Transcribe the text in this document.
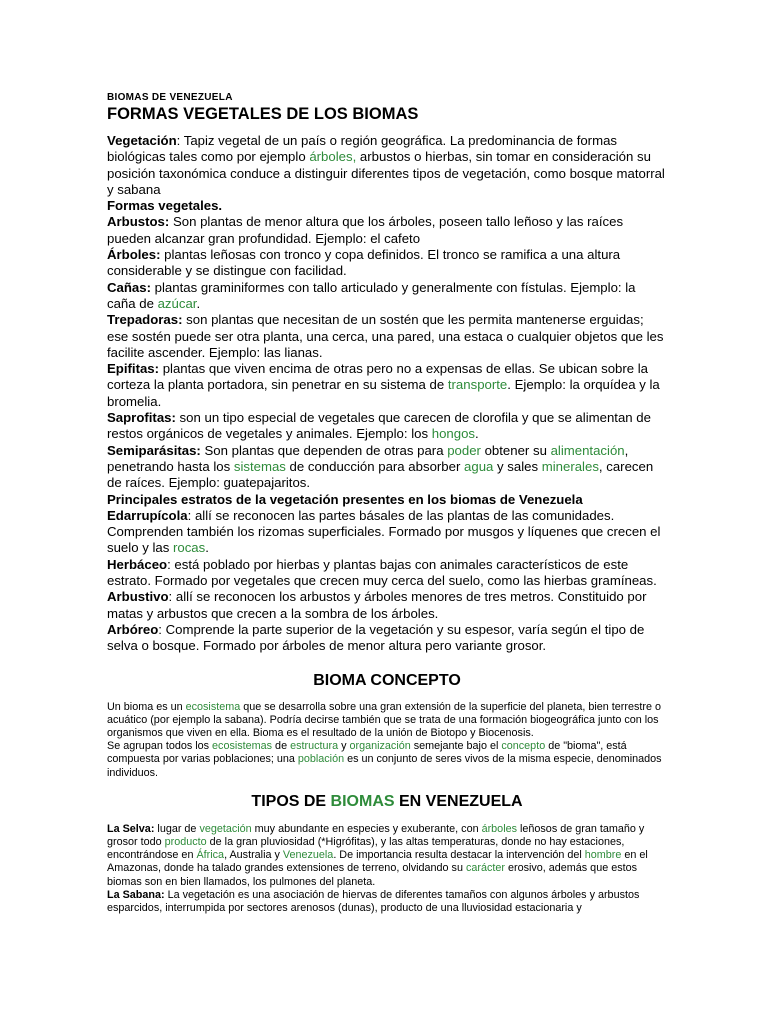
BIOMAS DE VENEZUELA
FORMAS VEGETALES DE LOS BIOMAS

Vegetación: Tapiz vegetal de un país o región geográfica. La predominancia de formas biológicas tales como por ejemplo árboles, arbustos o hierbas, sin tomar en consideración su posición taxonómica conduce a distinguir diferentes tipos de vegetación, como bosque matorral y sabana

Formas vegetales.

Arbustos: Son plantas de menor altura que los árboles, poseen tallo leñoso y las raíces pueden alcanzar gran profundidad. Ejemplo: el cafeto

Árboles: plantas leñosas con tronco y copa definidos. El tronco se ramifica a una altura considerable y se distingue con facilidad.

Cañas: plantas graminiformes con tallo articulado y generalmente con fístulas. Ejemplo: la caña de azúcar.

Trepadoras: son plantas que necesitan de un sostén que les permita mantenerse erguidas; ese sostén puede ser otra planta, una cerca, una pared, una estaca o cualquier objetos que les facilite ascender. Ejemplo: las lianas.

Epifitas: plantas que viven encima de otras pero no a expensas de ellas. Se ubican sobre la corteza la planta portadora, sin penetrar en su sistema de transporte. Ejemplo: la orquídea y la bromelia.

Saprofitas: son un tipo especial de vegetales que carecen de clorofila y que se alimentan de restos orgánicos de vegetales y animales. Ejemplo: los hongos.

Semiparásitas: Son plantas que dependen de otras para poder obtener su alimentación, penetrando hasta los sistemas de conducción para absorber agua y sales minerales, carecen de raíces. Ejemplo: guatepajaritos.

Principales estratos de la vegetación presentes en los biomas de Venezuela

Edarrupícola: allí se reconocen las partes básales de las plantas de las comunidades. Comprenden también los rizomas superficiales. Formado por musgos y líquenes que crecen el suelo y las rocas.

Herbáceo: está poblado por hierbas y plantas bajas con animales característicos de este estrato. Formado por vegetales que crecen muy cerca del suelo, como las hierbas gramíneas.

Arbustivo: allí se reconocen los arbustos y árboles menores de tres metros. Constituido por matas y arbustos que crecen a la sombra de los árboles.

Arbóreo: Comprende la parte superior de la vegetación y su espesor, varía según el tipo de selva o bosque. Formado por árboles de menor altura pero variante grosor.

BIOMA CONCEPTO

Un bioma es un ecosistema que se desarrolla sobre una gran extensión de la superficie del planeta, bien terrestre o acuático (por ejemplo la sabana). Podría decirse también que se trata de una formación biogeográfica junto con los organismos que viven en ella. Bioma es el resultado de la unión de Biotopo y Biocenosis.

Se agrupan todos los ecosistemas de estructura y organización semejante bajo el concepto de "bioma", está compuesta por varias poblaciones; una población es un conjunto de seres vivos de la misma especie, denominados individuos.

TIPOS DE BIOMAS EN VENEZUELA

La Selva: lugar de vegetación muy abundante en especies y exuberante, con árboles leñosos de gran tamaño y grosor todo producto de la gran pluviosidad (*Higrófitas), y las altas temperaturas, donde no hay estaciones, encontrándose en África, Australia y Venezuela. De importancia resulta destacar la intervención del hombre en el Amazonas, donde ha talado grandes extensiones de terreno, olvidando su carácter erosivo, además que estos biomas son en bien llamados, los pulmones del planeta.

La Sabana: La vegetación es una asociación de hiervas de diferentes tamaños con algunos árboles y arbustos esparcidos, interrumpida por sectores arenosos (dunas), producto de una lluviosidad estacionaria y
